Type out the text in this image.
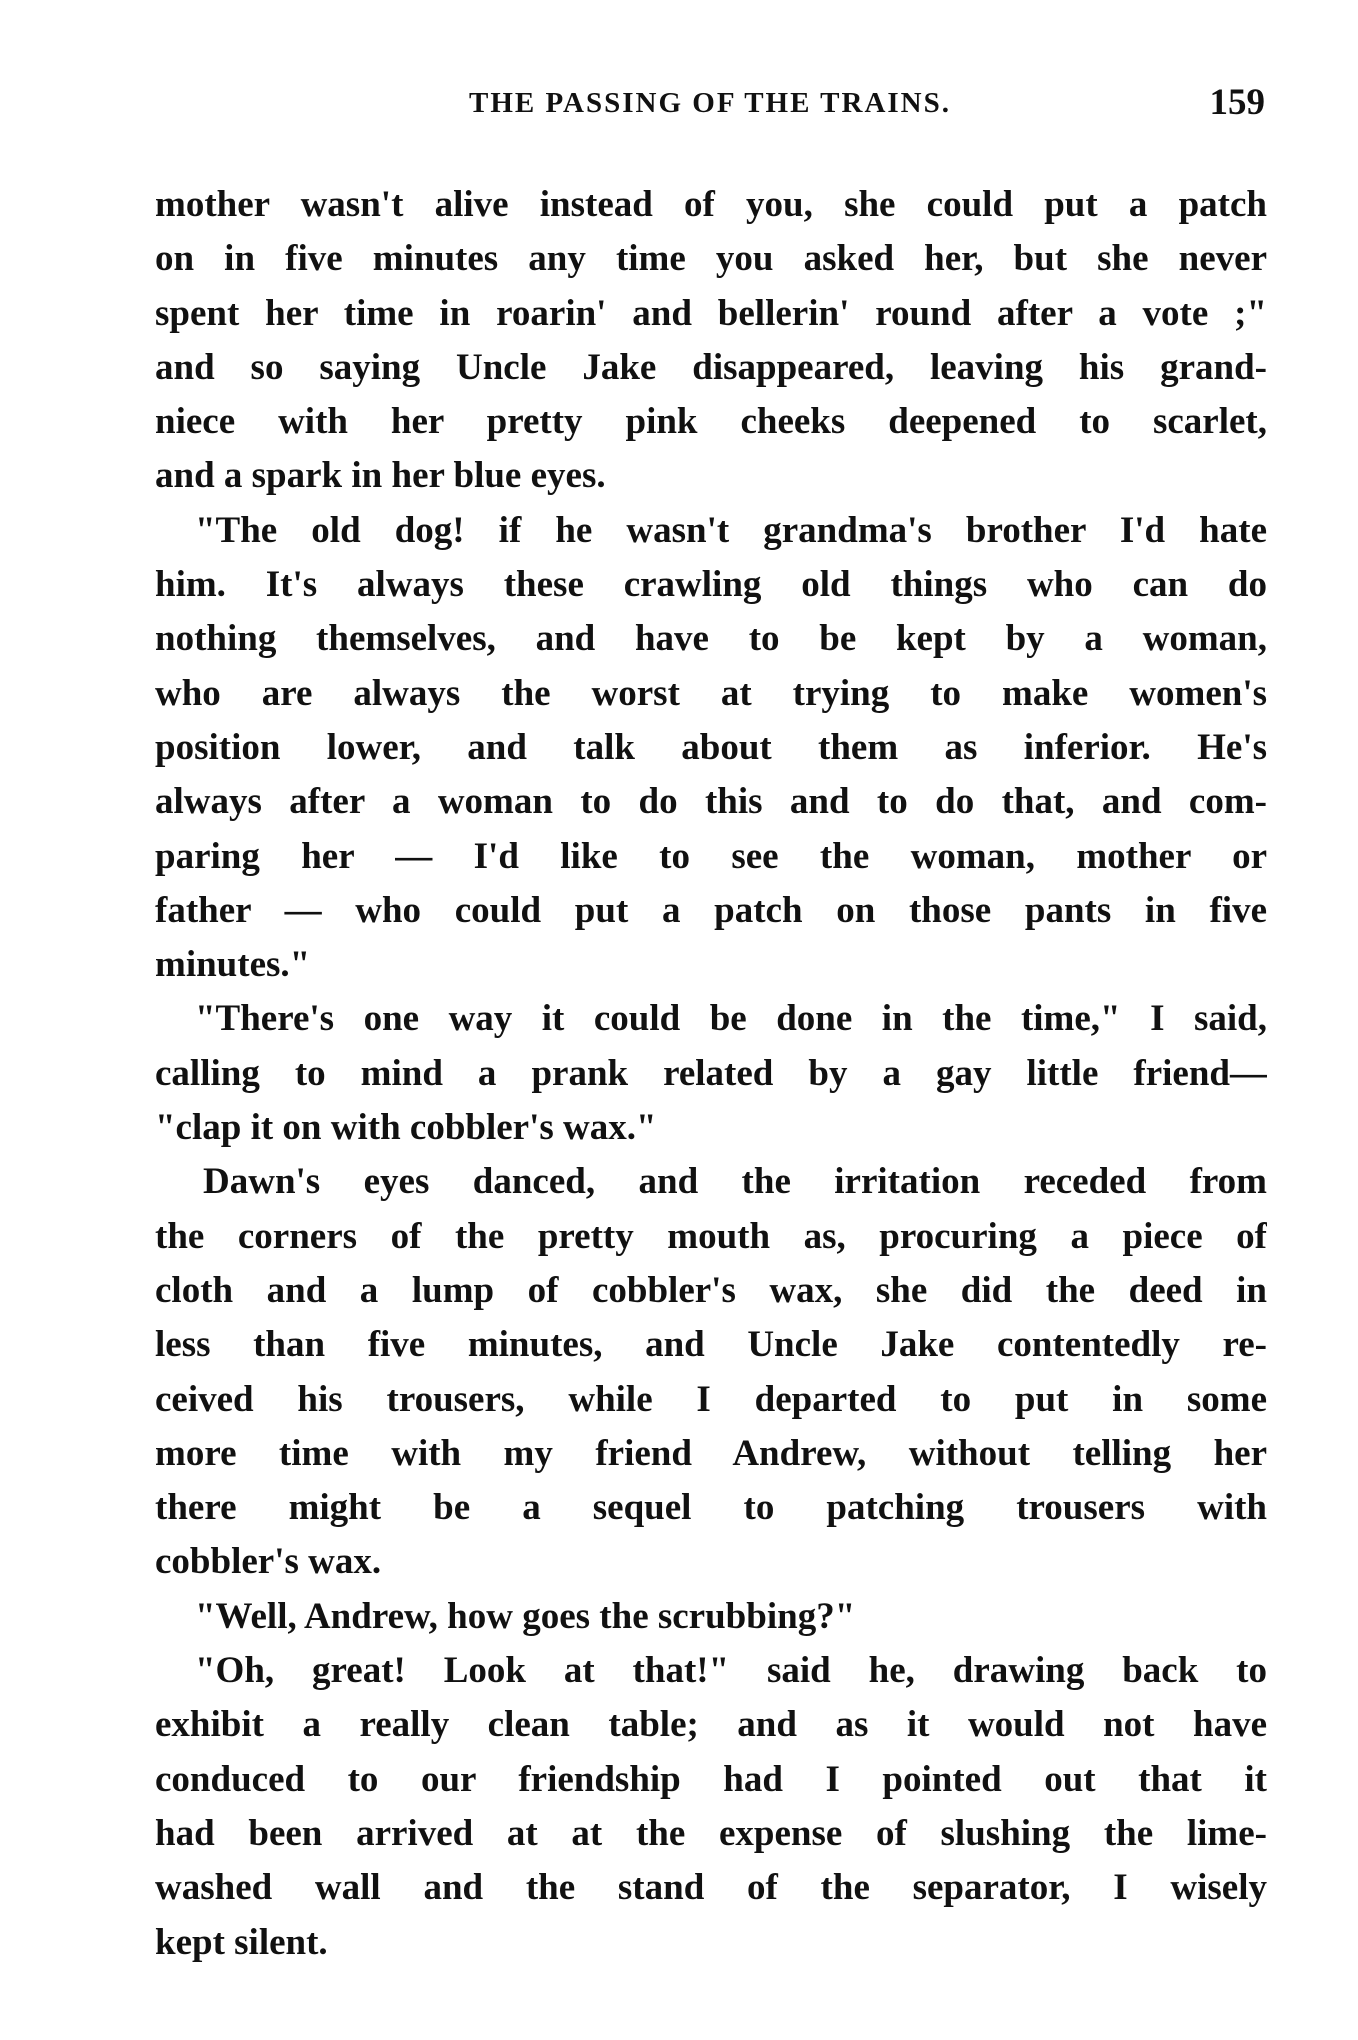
THE PASSING OF THE TRAINS.	159

mother wasn't alive instead of you, she could put a patch
on in five minutes any time you asked her, but she never
spent her time in roarin' and bellerin' round after a vote ;"
and so saying Uncle Jake disappeared, leaving his grand-
niece with her pretty pink cheeks deepened to scarlet,
and a spark in her blue eyes.

"The old dog! if he wasn't grandma's brother I'd hate
him. It's always these crawling old things who can do
nothing themselves, and have to be kept by a woman,
who are always the worst at trying to make women's
position lower, and talk about them as inferior. He's
always after a woman to do this and to do that, and com-
paring her — I'd like to see the woman, mother or
father — who could put a patch on those pants in five
minutes."

"There's one way it could be done in the time," I said,
calling to mind a prank related by a gay little friend—
"clap it on with cobbler's wax."

Dawn's eyes danced, and the irritation receded from
the corners of the pretty mouth as, procuring a piece of
cloth and a lump of cobbler's wax, she did the deed in
less than five minutes, and Uncle Jake contentedly re-
ceived his trousers, while I departed to put in some
more time with my friend Andrew, without telling her
there might be a sequel to patching trousers with
cobbler's wax.

"Well, Andrew, how goes the scrubbing?"

"Oh, great! Look at that!" said he, drawing back to
exhibit a really clean table; and as it would not have
conduced to our friendship had I pointed out that it
had been arrived at at the expense of slushing the lime-
washed wall and the stand of the separator, I wisely
kept silent.
